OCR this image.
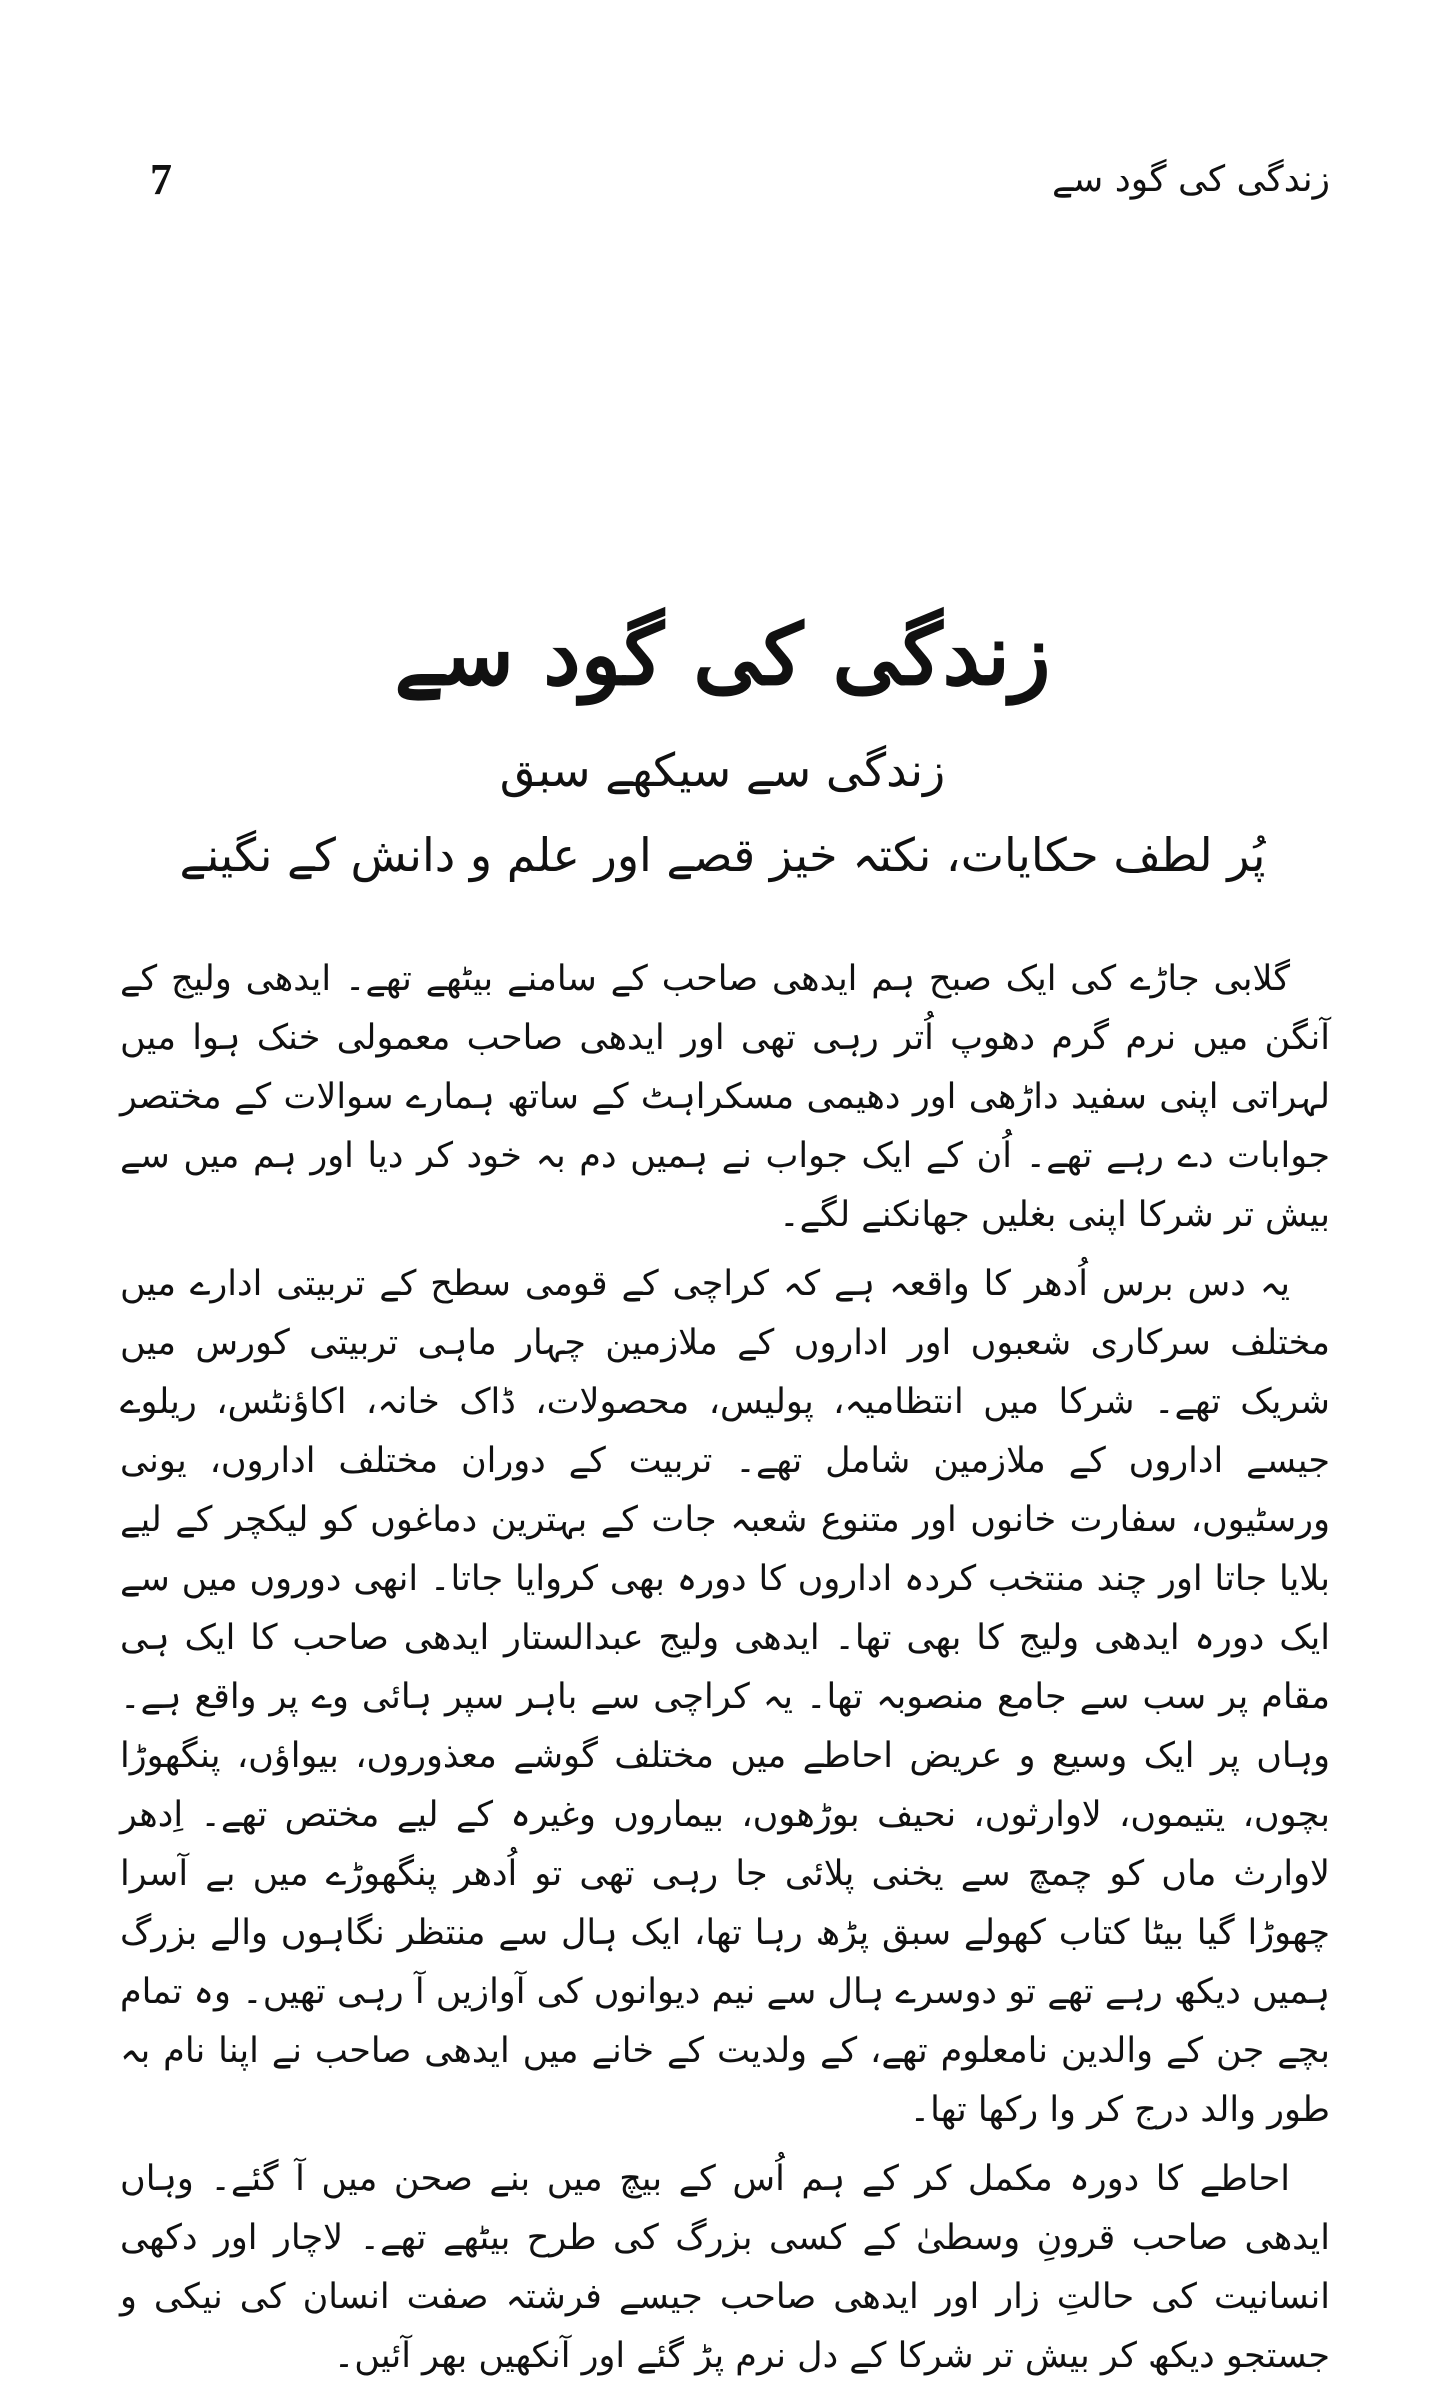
7	زندگی کی گود سے
زندگی کی گود سے
زندگی سے سیکھے سبق
پُر لطف حکایات، نکتہ خیز قصے اور علم و دانش کے نگینے

گلابی جاڑے کی ایک صبح ہم ایدھی صاحب کے سامنے بیٹھے تھے۔ ایدھی ولیج کے آنگن میں نرم گرم دھوپ اُتر رہی تھی اور ایدھی صاحب معمولی خنک ہوا میں لہراتی اپنی سفید داڑھی اور دھیمی مسکراہٹ کے ساتھ ہمارے سوالات کے مختصر جوابات دے رہے تھے۔ اُن کے ایک جواب نے ہمیں دم بہ خود کر دیا اور ہم میں سے بیش تر شرکا اپنی بغلیں جھانکنے لگے۔

یہ دس برس اُدھر کا واقعہ ہے کہ کراچی کے قومی سطح کے تربیتی ادارے میں مختلف سرکاری شعبوں اور اداروں کے ملازمین چہار ماہی تربیتی کورس میں شریک تھے۔ شرکا میں انتظامیہ، پولیس، محصولات، ڈاک خانہ، اکاؤنٹس، ریلوے جیسے اداروں کے ملازمین شامل تھے۔ تربیت کے دوران مختلف اداروں، یونی ورسٹیوں، سفارت خانوں اور متنوع شعبہ جات کے بہترین دماغوں کو لیکچر کے لیے بلایا جاتا اور چند منتخب کردہ اداروں کا دورہ بھی کروایا جاتا۔ انھی دوروں میں سے ایک دورہ ایدھی ولیج کا بھی تھا۔ ایدھی ولیج عبدالستار ایدھی صاحب کا ایک ہی مقام پر سب سے جامع منصوبہ تھا۔ یہ کراچی سے باہر سپر ہائی وے پر واقع ہے۔ وہاں پر ایک وسیع و عریض احاطے میں مختلف گوشے معذوروں، بیواؤں، پنگھوڑا بچوں، یتیموں، لاوارثوں، نحیف بوڑھوں، بیماروں وغیرہ کے لیے مختص تھے۔ اِدھر لاوارث ماں کو چمچ سے یخنی پلائی جا رہی تھی تو اُدھر پنگھوڑے میں بے آسرا چھوڑا گیا بیٹا کتاب کھولے سبق پڑھ رہا تھا، ایک ہال سے منتظر نگاہوں والے بزرگ ہمیں دیکھ رہے تھے تو دوسرے ہال سے نیم دیوانوں کی آوازیں آ رہی تھیں۔ وہ تمام بچے جن کے والدین نامعلوم تھے، کے ولدیت کے خانے میں ایدھی صاحب نے اپنا نام بہ طور والد درج کر وا رکھا تھا۔

احاطے کا دورہ مکمل کر کے ہم اُس کے بیچ میں بنے صحن میں آ گئے۔ وہاں ایدھی صاحب قرونِ وسطیٰ کے کسی بزرگ کی طرح بیٹھے تھے۔ لاچار اور دکھی انسانیت کی حالتِ زار اور ایدھی صاحب جیسے فرشتہ صفت انسان کی نیکی و جستجو دیکھ کر بیش تر شرکا کے دل نرم پڑ گئے اور آنکھیں بھر آئیں۔
